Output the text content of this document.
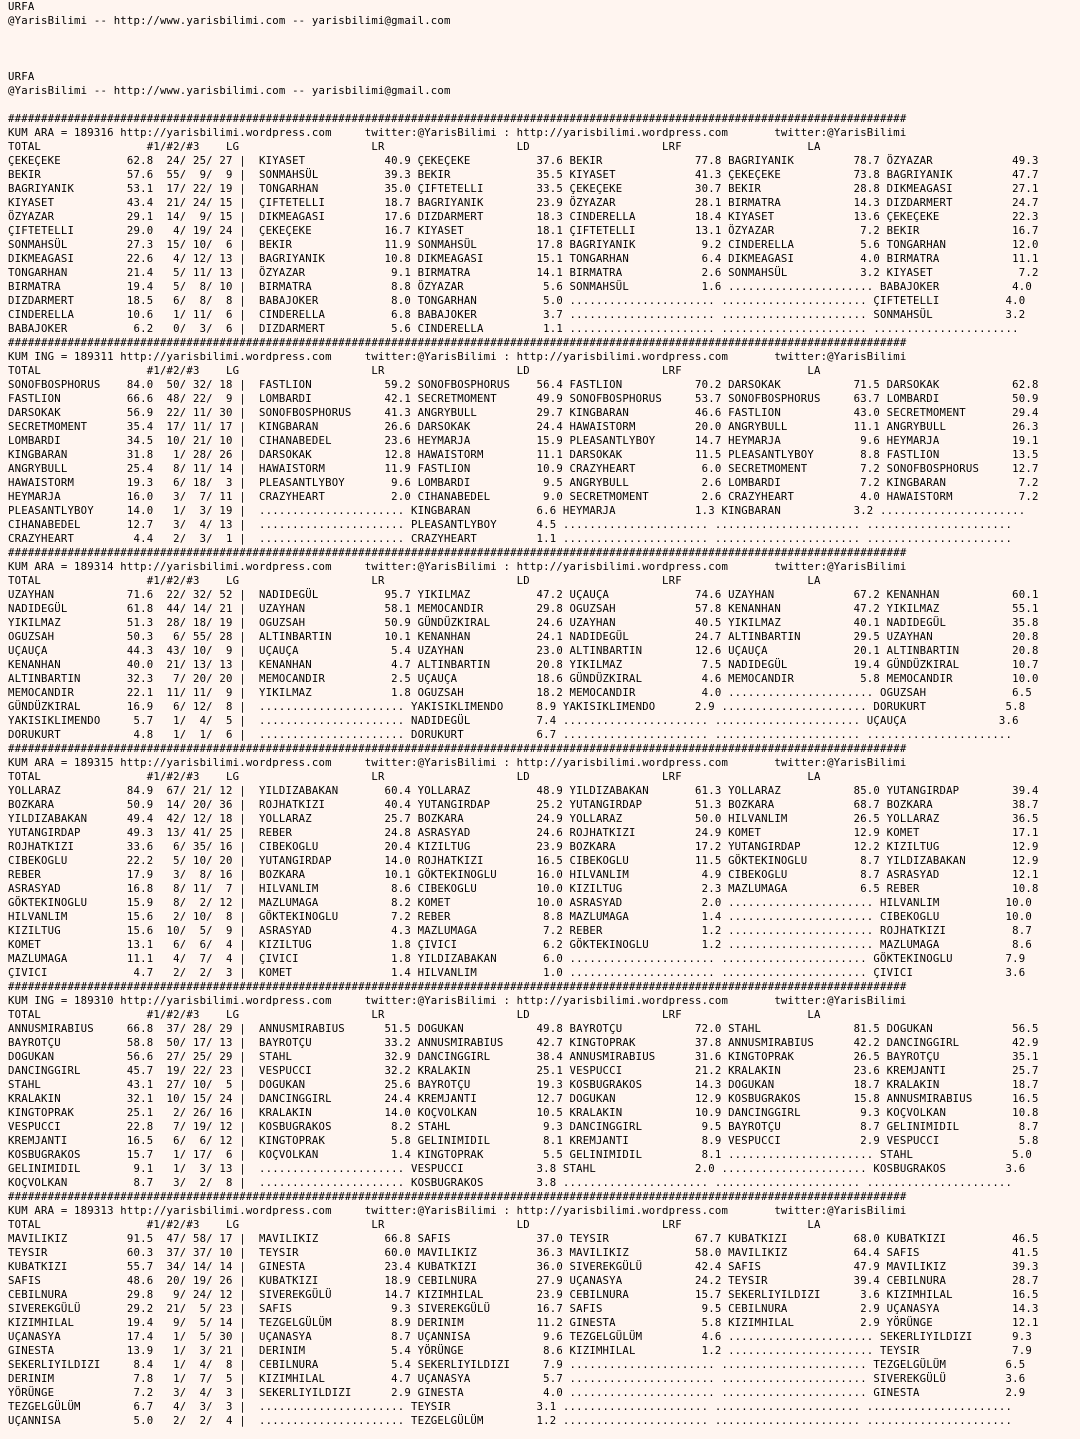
URFA
@YarisBilimi -- http://www.yarisbilimi.com -- yarisbilimi@gmail.com
URFA
@YarisBilimi -- http://www.yarisbilimi.com -- yarisbilimi@gmail.com
########################################################################################################################################
KUM ARA = 189316 http://yarisbilimi.wordpress.com     twitter:@YarisBilimi : http://yarisbilimi.wordpress.com       twitter:@YarisBilimi
TOTAL                #1/#2/#3    LG                    LR                    LD                    LRF                   LA
ÇEKEÇEKE          62.8  24/ 25/ 27 |  KIYASET            40.9 ÇEKEÇEKE          37.6 BEKIR              77.8 BAGRIYANIK         78.7 ÖZYAZAR            49.3
BEKIR             57.6  55/  9/  9 |  SONMAHSÜL          39.3 BEKIR             35.5 KIYASET            41.3 ÇEKEÇEKE           73.8 BAGRIYANIK         47.7
BAGRIYANIK        53.1  17/ 22/ 19 |  TONGARHAN          35.0 ÇIFTETELLI        33.5 ÇEKEÇEKE           30.7 BEKIR              28.8 DIKMEAGASI         27.1
KIYASET           43.4  21/ 24/ 15 |  ÇIFTETELLI         18.7 BAGRIYANIK        23.9 ÖZYAZAR            28.1 BIRMATRA           14.3 DIZDARMERT         24.7
ÖZYAZAR           29.1  14/  9/ 15 |  DIKMEAGASI         17.6 DIZDARMERT        18.3 CINDERELLA         18.4 KIYASET            13.6 ÇEKEÇEKE           22.3
ÇIFTETELLI        29.0   4/ 19/ 24 |  ÇEKEÇEKE           16.7 KIYASET           18.1 ÇIFTETELLI         13.1 ÖZYAZAR             7.2 BEKIR              16.7
SONMAHSÜL         27.3  15/ 10/  6 |  BEKIR              11.9 SONMAHSÜL         17.8 BAGRIYANIK          9.2 CINDERELLA          5.6 TONGARHAN          12.0
DIKMEAGASI        22.6   4/ 12/ 13 |  BAGRIYANIK         10.8 DIKMEAGASI        15.1 TONGARHAN           6.4 DIKMEAGASI          4.0 BIRMATRA           11.1
TONGARHAN         21.4   5/ 11/ 13 |  ÖZYAZAR             9.1 BIRMATRA          14.1 BIRMATRA            2.6 SONMAHSÜL           3.2 KIYASET             7.2
BIRMATRA          19.4   5/  8/ 10 |  BIRMATRA            8.8 ÖZYAZAR            5.6 SONMAHSÜL           1.6 ...................... BABAJOKER           4.0
DIZDARMERT        18.5   6/  8/  8 |  BABAJOKER           8.0 TONGARHAN          5.0 ...................... ...................... ÇIFTETELLI          4.0
CINDERELLA        10.6   1/ 11/  6 |  CINDERELLA          6.8 BABAJOKER          3.7 ...................... ...................... SONMAHSÜL           3.2
BABAJOKER          6.2   0/  3/  6 |  DIZDARMERT          5.6 CINDERELLA         1.1 ...................... ...................... ......................
########################################################################################################################################
KUM ING = 189311 http://yarisbilimi.wordpress.com     twitter:@YarisBilimi : http://yarisbilimi.wordpress.com       twitter:@YarisBilimi
TOTAL                #1/#2/#3    LG                    LR                    LD                    LRF                   LA
SONOFBOSPHORUS    84.0  50/ 32/ 18 |  FASTLION           59.2 SONOFBOSPHORUS    56.4 FASTLION           70.2 DARSOKAK           71.5 DARSOKAK           62.8
FASTLION          66.6  48/ 22/  9 |  LOMBARDI           42.1 SECRETMOMENT      49.9 SONOFBOSPHORUS     53.7 SONOFBOSPHORUS     63.7 LOMBARDI           50.9
DARSOKAK          56.9  22/ 11/ 30 |  SONOFBOSPHORUS     41.3 ANGRYBULL         29.7 KINGBARAN          46.6 FASTLION           43.0 SECRETMOMENT       29.4
SECRETMOMENT      35.4  17/ 11/ 17 |  KINGBARAN          26.6 DARSOKAK          24.4 HAWAISTORM         20.0 ANGRYBULL          11.1 ANGRYBULL          26.3
LOMBARDI          34.5  10/ 21/ 10 |  CIHANABEDEL        23.6 HEYMARJA          15.9 PLEASANTLYBOY      14.7 HEYMARJA            9.6 HEYMARJA           19.1
KINGBARAN         31.8   1/ 28/ 26 |  DARSOKAK           12.8 HAWAISTORM        11.1 DARSOKAK           11.5 PLEASANTLYBOY       8.8 FASTLION           13.5
ANGRYBULL         25.4   8/ 11/ 14 |  HAWAISTORM         11.9 FASTLION          10.9 CRAZYHEART          6.0 SECRETMOMENT        7.2 SONOFBOSPHORUS     12.7
HAWAISTORM        19.3   6/ 18/  3 |  PLEASANTLYBOY       9.6 LOMBARDI           9.5 ANGRYBULL           2.6 LOMBARDI            7.2 KINGBARAN           7.2
HEYMARJA          16.0   3/  7/ 11 |  CRAZYHEART          2.0 CIHANABEDEL        9.0 SECRETMOMENT        2.6 CRAZYHEART          4.0 HAWAISTORM          7.2
PLEASANTLYBOY     14.0   1/  3/ 19 |  ...................... KINGBARAN          6.6 HEYMARJA            1.3 KINGBARAN           3.2 ......................
CIHANABEDEL       12.7   3/  4/ 13 |  ...................... PLEASANTLYBOY      4.5 ...................... ...................... ......................
CRAZYHEART         4.4   2/  3/  1 |  ...................... CRAZYHEART         1.1 ...................... ...................... ......................
########################################################################################################################################
KUM ARA = 189314 http://yarisbilimi.wordpress.com     twitter:@YarisBilimi : http://yarisbilimi.wordpress.com       twitter:@YarisBilimi
TOTAL                #1/#2/#3    LG                    LR                    LD                    LRF                   LA
UZAYHAN           71.6  22/ 32/ 52 |  NADIDEGÜL          95.7 YIKILMAZ          47.2 UÇAUÇA             74.6 UZAYHAN            67.2 KENANHAN           60.1
NADIDEGÜL         61.8  44/ 14/ 21 |  UZAYHAN            58.1 MEMOCANDIR        29.8 OGUZSAH            57.8 KENANHAN           47.2 YIKILMAZ           55.1
YIKILMAZ          51.3  28/ 18/ 19 |  OGUZSAH            50.9 GÜNDÜZKIRAL       24.6 UZAYHAN            40.5 YIKILMAZ           40.1 NADIDEGÜL          35.8
OGUZSAH           50.3   6/ 55/ 28 |  ALTINBARTIN        10.1 KENANHAN          24.1 NADIDEGÜL          24.7 ALTINBARTIN        29.5 UZAYHAN            20.8
UÇAUÇA            44.3  43/ 10/  9 |  UÇAUÇA              5.4 UZAYHAN           23.0 ALTINBARTIN        12.6 UÇAUÇA             20.1 ALTINBARTIN        20.8
KENANHAN          40.0  21/ 13/ 13 |  KENANHAN            4.7 ALTINBARTIN       20.8 YIKILMAZ            7.5 NADIDEGÜL          19.4 GÜNDÜZKIRAL        10.7
ALTINBARTIN       32.3   7/ 20/ 20 |  MEMOCANDIR          2.5 UÇAUÇA            18.6 GÜNDÜZKIRAL         4.6 MEMOCANDIR          5.8 MEMOCANDIR         10.0
MEMOCANDIR        22.1  11/ 11/  9 |  YIKILMAZ            1.8 OGUZSAH           18.2 MEMOCANDIR          4.0 ...................... OGUZSAH             6.5
GÜNDÜZKIRAL       16.9   6/ 12/  8 |  ...................... YAKISIKLIMENDO     8.9 YAKISIKLIMENDO      2.9 ...................... DORUKURT            5.8
YAKISIKLIMENDO     5.7   1/  4/  5 |  ...................... NADIDEGÜL          7.4 ...................... ...................... UÇAUÇA              3.6
DORUKURT           4.8   1/  1/  6 |  ...................... DORUKURT           6.7 ...................... ...................... ......................
########################################################################################################################################
KUM ARA = 189315 http://yarisbilimi.wordpress.com     twitter:@YarisBilimi : http://yarisbilimi.wordpress.com       twitter:@YarisBilimi
TOTAL                #1/#2/#3    LG                    LR                    LD                    LRF                   LA
YOLLARAZ          84.9  67/ 21/ 12 |  YILDIZABAKAN       60.4 YOLLARAZ          48.9 YILDIZABAKAN       61.3 YOLLARAZ           85.0 YUTANGIRDAP        39.4
BOZKARA           50.9  14/ 20/ 36 |  ROJHATKIZI         40.4 YUTANGIRDAP       25.2 YUTANGIRDAP        51.3 BOZKARA            68.7 BOZKARA            38.7
YILDIZABAKAN      49.4  42/ 12/ 18 |  YOLLARAZ           25.7 BOZKARA           24.9 YOLLARAZ           50.0 HILVANLIM          26.5 YOLLARAZ           36.5
YUTANGIRDAP       49.3  13/ 41/ 25 |  REBER              24.8 ASRASYAD          24.6 ROJHATKIZI         24.9 KOMET              12.9 KOMET              17.1
ROJHATKIZI        33.6   6/ 35/ 16 |  CIBEKOGLU          20.4 KIZILTUG          23.9 BOZKARA            17.2 YUTANGIRDAP        12.2 KIZILTUG           12.9
CIBEKOGLU         22.2   5/ 10/ 20 |  YUTANGIRDAP        14.0 ROJHATKIZI        16.5 CIBEKOGLU          11.5 GÖKTEKINOGLU        8.7 YILDIZABAKAN       12.9
REBER             17.9   3/  8/ 16 |  BOZKARA            10.1 GÖKTEKINOGLU      16.0 HILVANLIM           4.9 CIBEKOGLU           8.7 ASRASYAD           12.1
ASRASYAD          16.8   8/ 11/  7 |  HILVANLIM           8.6 CIBEKOGLU         10.0 KIZILTUG            2.3 MAZLUMAGA           6.5 REBER              10.8
GÖKTEKINOGLU      15.9   8/  2/ 12 |  MAZLUMAGA           8.2 KOMET             10.0 ASRASYAD            2.0 ...................... HILVANLIM          10.0
HILVANLIM         15.6   2/ 10/  8 |  GÖKTEKINOGLU        7.2 REBER              8.8 MAZLUMAGA           1.4 ...................... CIBEKOGLU          10.0
KIZILTUG          15.6  10/  5/  9 |  ASRASYAD            4.3 MAZLUMAGA          7.2 REBER               1.2 ...................... ROJHATKIZI          8.7
KOMET             13.1   6/  6/  4 |  KIZILTUG            1.8 ÇIVICI             6.2 GÖKTEKINOGLU        1.2 ...................... MAZLUMAGA           8.6
MAZLUMAGA         11.1   4/  7/  4 |  ÇIVICI              1.8 YILDIZABAKAN       6.0 ...................... ...................... GÖKTEKINOGLU        7.9
ÇIVICI             4.7   2/  2/  3 |  KOMET               1.4 HILVANLIM          1.0 ...................... ...................... ÇIVICI              3.6
########################################################################################################################################
KUM ING = 189310 http://yarisbilimi.wordpress.com     twitter:@YarisBilimi : http://yarisbilimi.wordpress.com       twitter:@YarisBilimi
TOTAL                #1/#2/#3    LG                    LR                    LD                    LRF                   LA
ANNUSMIRABIUS     66.8  37/ 28/ 29 |  ANNUSMIRABIUS      51.5 DOGUKAN           49.8 BAYROTÇU           72.0 STAHL              81.5 DOGUKAN            56.5
BAYROTÇU          58.8  50/ 17/ 13 |  BAYROTÇU           33.2 ANNUSMIRABIUS     42.7 KINGTOPRAK         37.8 ANNUSMIRABIUS      42.2 DANCINGGIRL        42.9
DOGUKAN           56.6  27/ 25/ 29 |  STAHL              32.9 DANCINGGIRL       38.4 ANNUSMIRABIUS      31.6 KINGTOPRAK         26.5 BAYROTÇU           35.1
DANCINGGIRL       45.7  19/ 22/ 23 |  VESPUCCI           32.2 KRALAKIN          25.1 VESPUCCI           21.2 KRALAKIN           23.6 KREMJANTI          25.7
STAHL             43.1  27/ 10/  5 |  DOGUKAN            25.6 BAYROTÇU          19.3 KOSBUGRAKOS        14.3 DOGUKAN            18.7 KRALAKIN           18.7
KRALAKIN          32.1  10/ 15/ 24 |  DANCINGGIRL        24.4 KREMJANTI         12.7 DOGUKAN            12.9 KOSBUGRAKOS        15.8 ANNUSMIRABIUS      16.5
KINGTOPRAK        25.1   2/ 26/ 16 |  KRALAKIN           14.0 KOÇVOLKAN         10.5 KRALAKIN           10.9 DANCINGGIRL         9.3 KOÇVOLKAN          10.8
VESPUCCI          22.8   7/ 19/ 12 |  KOSBUGRAKOS         8.2 STAHL              9.3 DANCINGGIRL         9.5 BAYROTÇU            8.7 GELINIMIDIL         8.7
KREMJANTI         16.5   6/  6/ 12 |  KINGTOPRAK          5.8 GELINIMIDIL        8.1 KREMJANTI           8.9 VESPUCCI            2.9 VESPUCCI            5.8
KOSBUGRAKOS       15.7   1/ 17/  6 |  KOÇVOLKAN           1.4 KINGTOPRAK         5.5 GELINIMIDIL         8.1 ...................... STAHL               5.0
GELINIMIDIL        9.1   1/  3/ 13 |  ...................... VESPUCCI           3.8 STAHL               2.0 ...................... KOSBUGRAKOS         3.6
KOÇVOLKAN          8.7   3/  2/  8 |  ...................... KOSBUGRAKOS        3.8 ...................... ...................... ......................
########################################################################################################################################
KUM ARA = 189313 http://yarisbilimi.wordpress.com     twitter:@YarisBilimi : http://yarisbilimi.wordpress.com       twitter:@YarisBilimi
TOTAL                #1/#2/#3    LG                    LR                    LD                    LRF                   LA
MAVILIKIZ         91.5  47/ 58/ 17 |  MAVILIKIZ          66.8 SAFIS             37.0 TEYSIR             67.7 KUBATKIZI          68.0 KUBATKIZI          46.5
TEYSIR            60.3  37/ 37/ 10 |  TEYSIR             60.0 MAVILIKIZ         36.3 MAVILIKIZ          58.0 MAVILIKIZ          64.4 SAFIS              41.5
KUBATKIZI         55.7  34/ 14/ 14 |  GINESTA            23.4 KUBATKIZI         36.0 SIVEREKGÜLÜ        42.4 SAFIS              47.9 MAVILIKIZ          39.3
SAFIS             48.6  20/ 19/ 26 |  KUBATKIZI          18.9 CEBILNURA         27.9 UÇANASYA           24.2 TEYSIR             39.4 CEBILNURA          28.7
CEBILNURA         29.8   9/ 24/ 12 |  SIVEREKGÜLÜ        14.7 KIZIMHILAL        23.9 CEBILNURA          15.7 SEKERLIYILDIZI      3.6 KIZIMHILAL         16.5
SIVEREKGÜLÜ       29.2  21/  5/ 23 |  SAFIS               9.3 SIVEREKGÜLÜ       16.7 SAFIS               9.5 CEBILNURA           2.9 UÇANASYA           14.3
KIZIMHILAL        19.4   9/  5/ 14 |  TEZGELGÜLÜM         8.9 DERINIM           11.2 GINESTA             5.8 KIZIMHILAL          2.9 YÖRÜNGE            12.1
UÇANASYA          17.4   1/  5/ 30 |  UÇANASYA            8.7 UÇANNISA           9.6 TEZGELGÜLÜM         4.6 ...................... SEKERLIYILDIZI      9.3
GINESTA           13.9   1/  3/ 21 |  DERINIM             5.4 YÖRÜNGE            8.6 KIZIMHILAL          1.2 ...................... TEYSIR              7.9
SEKERLIYILDIZI     8.4   1/  4/  8 |  CEBILNURA           5.4 SEKERLIYILDIZI     7.9 ...................... ...................... TEZGELGÜLÜM         6.5
DERINIM            7.8   1/  7/  5 |  KIZIMHILAL          4.7 UÇANASYA           5.7 ...................... ...................... SIVEREKGÜLÜ         3.6
YÖRÜNGE            7.2   3/  4/  3 |  SEKERLIYILDIZI      2.9 GINESTA            4.0 ...................... ...................... GINESTA             2.9
TEZGELGÜLÜM        6.7   4/  3/  3 |  ...................... TEYSIR             3.1 ...................... ...................... ......................
UÇANNISA           5.0   2/  2/  4 |  ...................... TEZGELGÜLÜM        1.2 ...................... ...................... ......................
